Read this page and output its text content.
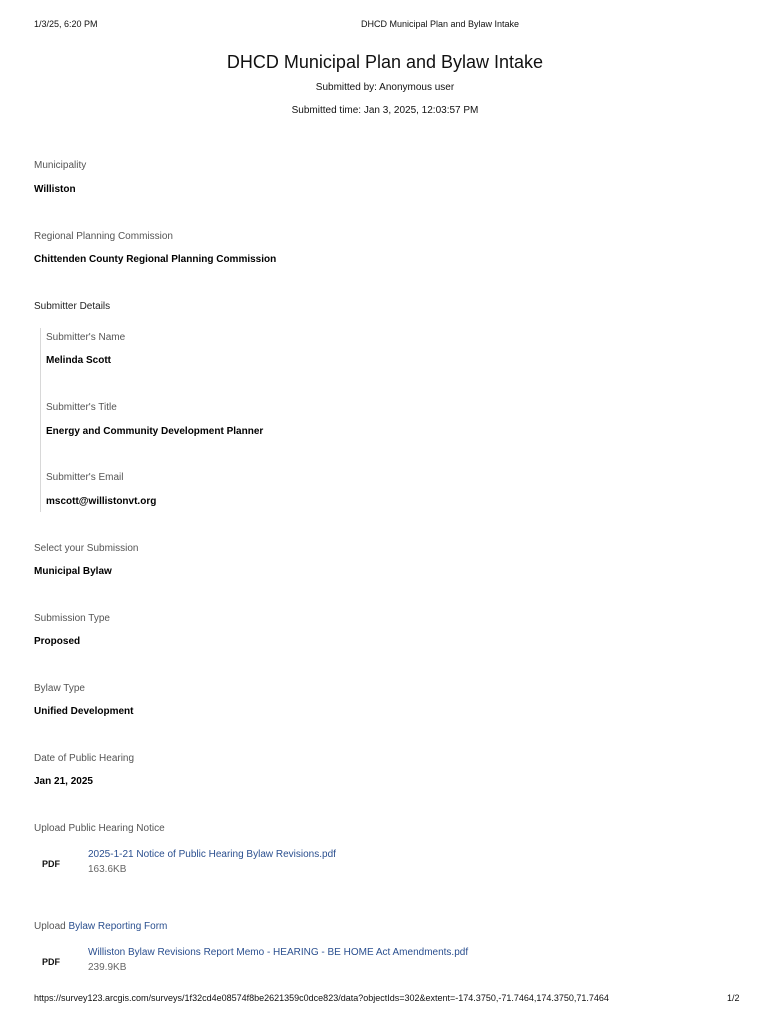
1/3/25, 6:20 PM	DHCD Municipal Plan and Bylaw Intake
DHCD Municipal Plan and Bylaw Intake
Submitted by: Anonymous user
Submitted time: Jan 3, 2025, 12:03:57 PM
Municipality
Williston
Regional Planning Commission
Chittenden County Regional Planning Commission
Submitter Details
Submitter's Name
Melinda Scott
Submitter's Title
Energy and Community Development Planner
Submitter's Email
mscott@willistonvt.org
Select your Submission
Municipal Bylaw
Submission Type
Proposed
Bylaw Type
Unified Development
Date of Public Hearing
Jan 21, 2025
Upload Public Hearing Notice
PDF
2025-1-21 Notice of Public Hearing Bylaw Revisions.pdf
163.6KB
Upload Bylaw Reporting Form
PDF
Williston Bylaw Revisions Report Memo - HEARING - BE HOME Act Amendments.pdf
239.9KB
https://survey123.arcgis.com/surveys/1f32cd4e08574f8be2621359c0dce823/data?objectIds=302&extent=-174.3750,-71.7464,174.3750,71.7464	1/2
